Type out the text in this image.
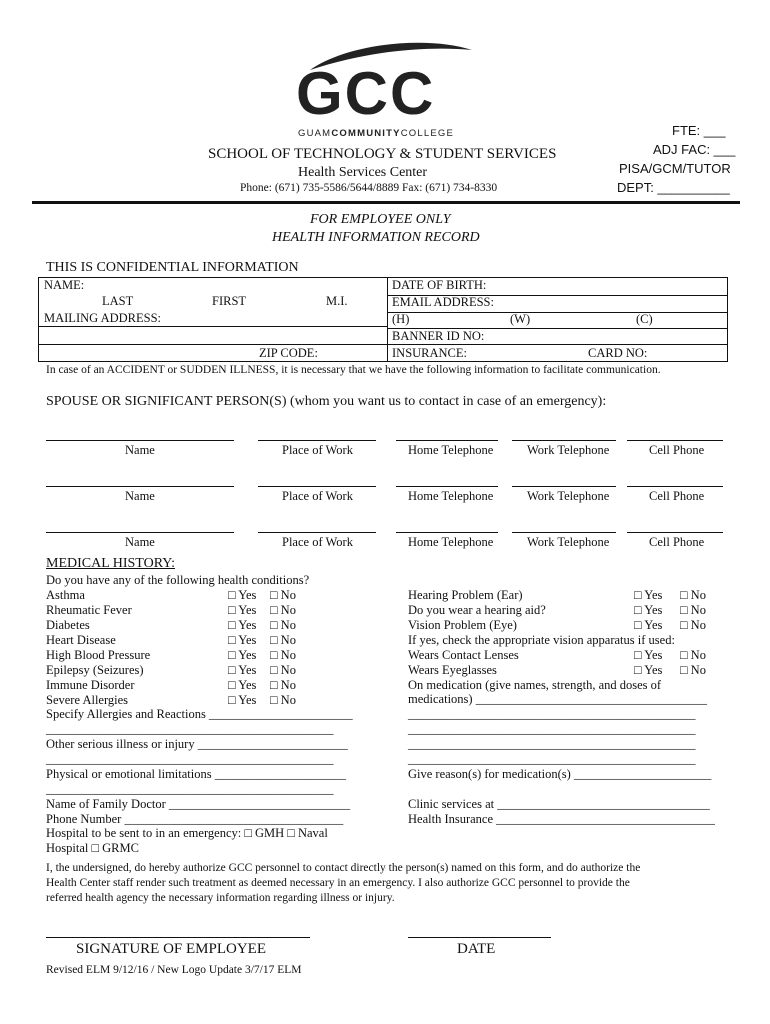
GCC
GUAMCOMMUNITYCOLLEGE
SCHOOL OF TECHNOLOGY & STUDENT SERVICES
Health Services Center
Phone: (671) 735-5586/5644/8889 Fax: (671) 734-8330
FTE: ___
ADJ FAC: ___
PISA/GCM/TUTOR
DEPT: __________
FOR EMPLOYEE ONLY
HEALTH INFORMATION RECORD
THIS IS CONFIDENTIAL INFORMATION
NAME:
LAST	FIRST	M.I.
MAILING ADDRESS:
ZIP CODE:
DATE OF BIRTH:
EMAIL ADDRESS:
(H)	(W)	(C)
BANNER ID NO:
INSURANCE:	CARD NO:
In case of an ACCIDENT or SUDDEN ILLNESS, it is necessary that we have the following information to facilitate communication.
SPOUSE OR SIGNIFICANT PERSON(S) (whom you want us to contact in case of an emergency):
Name	Place of Work	Home Telephone	Work Telephone	Cell Phone
Name	Place of Work	Home Telephone	Work Telephone	Cell Phone
Name	Place of Work	Home Telephone	Work Telephone	Cell Phone
MEDICAL HISTORY:
Do you have any of the following health conditions?
Asthma	□ Yes □ No
Rheumatic Fever	□ Yes □ No
Diabetes	□ Yes □ No
Heart Disease	□ Yes □ No
High Blood Pressure	□ Yes □ No
Epilepsy (Seizures)	□ Yes □ No
Immune Disorder	□ Yes □ No
Severe Allergies	□ Yes □ No
Specify Allergies and Reactions _______________________
______________________________________________
Other serious illness or injury ________________________
______________________________________________
Physical or emotional limitations _____________________
______________________________________________
Name of Family Doctor _____________________________
Phone Number ___________________________________
Hospital to be sent to in an emergency: □ GMH □ Naval
Hospital □ GRMC
Hearing Problem (Ear)	□ Yes □ No
Do you wear a hearing aid?	□ Yes □ No
Vision Problem (Eye)	□ Yes □ No
If yes, check the appropriate vision apparatus if used:
Wears Contact Lenses	□ Yes □ No
Wears Eyeglasses	□ Yes □ No
On medication (give names, strength, and doses of
medications) _____________________________________
______________________________________________
______________________________________________
______________________________________________
______________________________________________
Give reason(s) for medication(s) ______________________
Clinic services at __________________________________
Health Insurance ___________________________________
I, the undersigned, do hereby authorize GCC personnel to contact directly the person(s) named on this form, and do authorize the
Health Center staff render such treatment as deemed necessary in an emergency. I also authorize GCC personnel to provide the
referred health agency the necessary information regarding illness or injury.
SIGNATURE OF EMPLOYEE	DATE
Revised ELM 9/12/16 / New Logo Update 3/7/17 ELM
